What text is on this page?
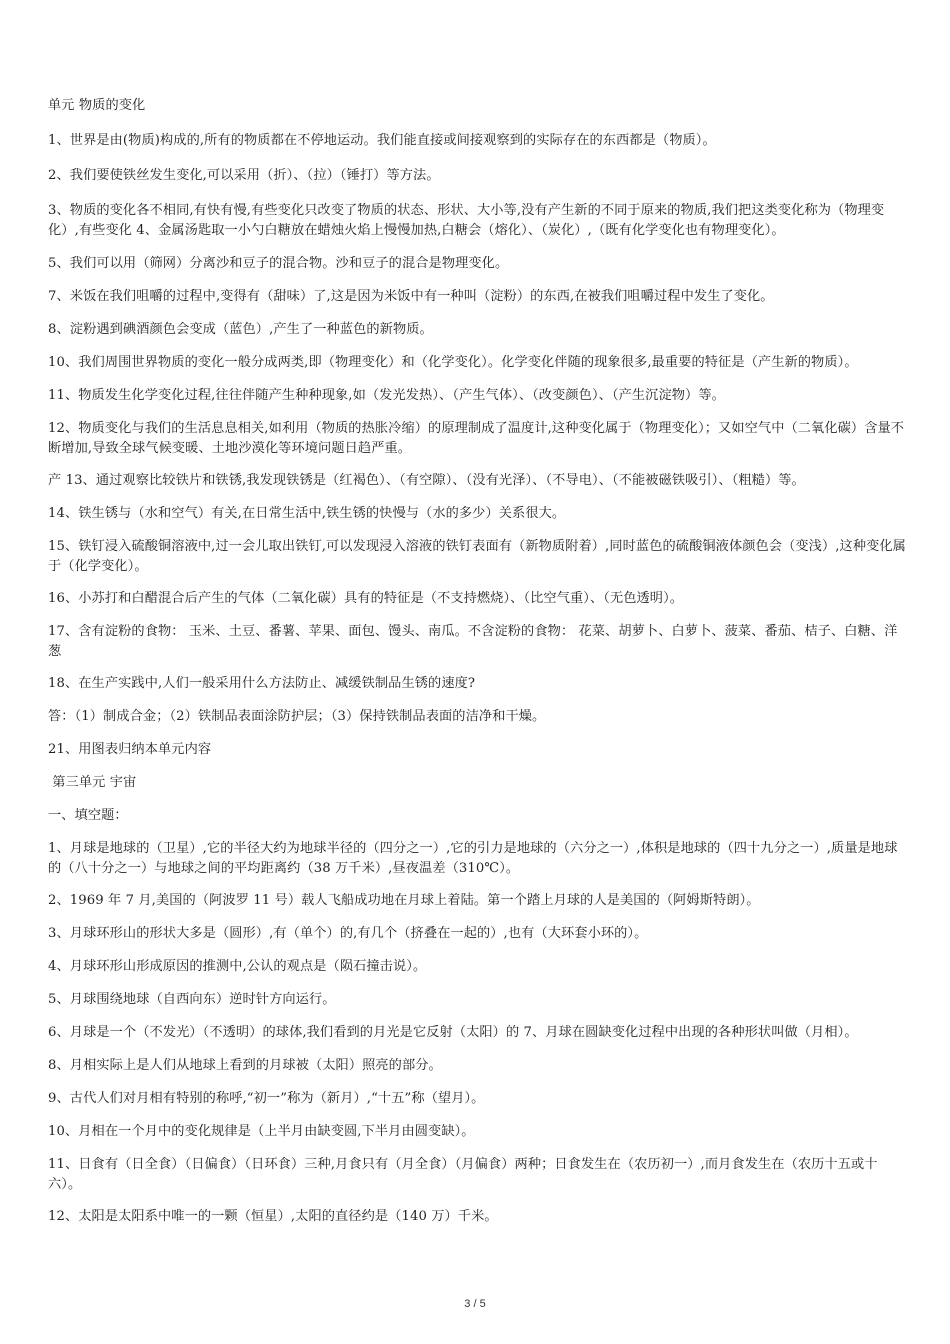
单元 物质的变化

1、世界是由(物质)构成的,所有的物质都在不停地运动。我们能直接或间接观察到的实际存在的东西都是（物质）。

2、我们要使铁丝发生变化,可以采用（折）、（拉）（锤打）等方法。

3、物质的变化各不相同,有快有慢,有些变化只改变了物质的状态、形状、大小等,没有产生新的不同于原来的物质,我们把这类变化称为（物理变化）,有些变化 4、金属汤匙取一小勺白糖放在蜡烛火焰上慢慢加热,白糖会（熔化）、（炭化）,（既有化学变化也有物理变化）。

5、我们可以用（筛网）分离沙和豆子的混合物。沙和豆子的混合是物理变化。

7、米饭在我们咀嚼的过程中,变得有（甜味）了,这是因为米饭中有一种叫（淀粉）的东西,在被我们咀嚼过程中发生了变化。

8、淀粉遇到碘酒颜色会变成（蓝色）,产生了一种蓝色的新物质。

10、我们周围世界物质的变化一般分成两类,即（物理变化）和（化学变化）。化学变化伴随的现象很多,最重要的特征是（产生新的物质）。

11、物质发生化学变化过程,往往伴随产生种种现象,如（发光发热）、（产生气体）、（改变颜色）、（产生沉淀物）等。

12、物质变化与我们的生活息息相关,如利用（物质的热胀冷缩）的原理制成了温度计,这种变化属于（物理变化）；又如空气中（二氧化碳）含量不断增加,导致全球气候变暖、土地沙漠化等环境问题日趋严重。

产 13、通过观察比较铁片和铁锈,我发现铁锈是（红褐色）、（有空隙）、（没有光泽）、（不导电）、（不能被磁铁吸引）、（粗糙）等。

14、铁生锈与（水和空气）有关,在日常生活中,铁生锈的快慢与（水的多少）关系很大。

15、铁钉浸入硫酸铜溶液中,过一会儿取出铁钉,可以发现浸入溶液的铁钉表面有（新物质附着）,同时蓝色的硫酸铜液体颜色会（变浅）,这种变化属于（化学变化）。

16、小苏打和白醋混合后产生的气体（二氧化碳）具有的特征是（不支持燃烧）、（比空气重）、（无色透明）。

17、含有淀粉的食物： 玉米、土豆、番薯、苹果、面包、馒头、南瓜。不含淀粉的食物： 花菜、胡萝卜、白萝卜、菠菜、番茄、桔子、白糖、洋葱

18、在生产实践中,人们一般采用什么方法防止、减缓铁制品生锈的速度?

答：（1）制成合金；（2）铁制品表面涂防护层；（3）保持铁制品表面的洁净和干燥。

21、用图表归纳本单元内容

第三单元 宇宙

一、填空题：

1、月球是地球的（卫星）,它的半径大约为地球半径的（四分之一）,它的引力是地球的（六分之一）,体积是地球的（四十九分之一）,质量是地球的（八十分之一）与地球之间的平均距离约（38 万千米）,昼夜温差（310℃）。

2、1969 年 7 月,美国的（阿波罗 11 号）载人飞船成功地在月球上着陆。第一个踏上月球的人是美国的（阿姆斯特朗）。

3、月球环形山的形状大多是（圆形）,有（单个）的,有几个（挤叠在一起的）,也有（大环套小环的）。

4、月球环形山形成原因的推测中,公认的观点是（陨石撞击说）。

5、月球围绕地球（自西向东）逆时针方向运行。

6、月球是一个（不发光）（不透明）的球体,我们看到的月光是它反射（太阳）的 7、月球在圆缺变化过程中出现的各种形状叫做（月相）。

8、月相实际上是人们从地球上看到的月球被（太阳）照亮的部分。

9、古代人们对月相有特别的称呼,“初一”称为（新月）,“十五”称（望月）。

10、月相在一个月中的变化规律是（上半月由缺变圆,下半月由圆变缺）。

11、日食有（日全食）（日偏食）（日环食）三种,月食只有（月全食）（月偏食）两种；日食发生在（农历初一）,而月食发生在（农历十五或十六）。

12、太阳是太阳系中唯一的一颗（恒星）,太阳的直径约是（140 万）千米。

3 / 5
